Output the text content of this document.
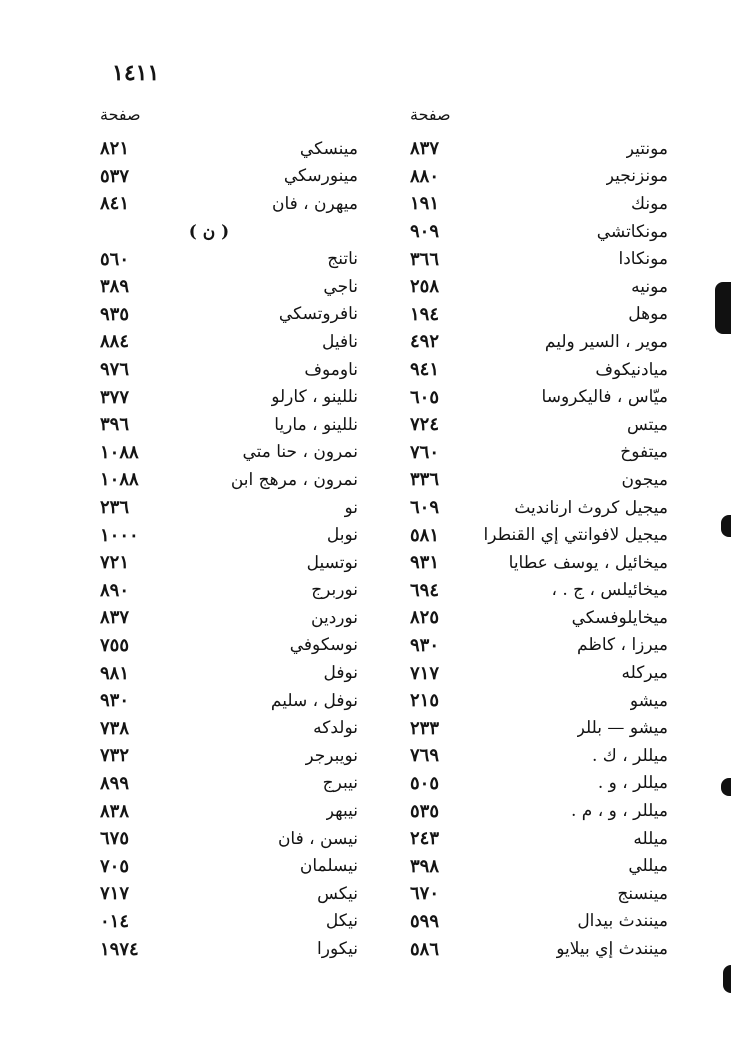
١٤١١
صفحة
مونتير
٨٣٧
مونزنجير
٨٨٠
مونك
١٩١
مونكاتشي
٩٠٩
مونكادا
٣٦٦
مونيه
٢٥٨
موهل
١٩٤
موير ، السير وليم
٤٩٢
ميادنيكوف
٩٤١
ميّاس ، فاليكروسا
٦٠٥
ميتس
٧٢٤
ميتفوخ
٧٦٠
ميجون
٣٣٦
ميجيل كروث ارنانديث
٦٠٩
ميجيل لافوانتي إي القنطرا
٥٨١
ميخائيل ، يوسف عطايا
٩٣١
ميخائيلس ، ج . ،
٦٩٤
ميخايلوفسكي
٨٢٥
ميرزا ، كاظم
٩٣٠
ميركله
٧١٧
ميشو
٢١٥
ميشو — بللر
٢٣٣
ميللر ، ك .
٧٦٩
ميللر ، و .
٥٠٥
ميللر ، و ، م .
٥٣٥
ميلله
٢٤٣
ميللي
٣٩٨
مينسنج
٦٧٠
مينندث بيدال
٥٩٩
مينندث إي بيلايو
٥٨٦
صفحة
مينسكي
٨٢١
مينورسكي
٥٣٧
ميهرن ، فان
٨٤١
( ن )
ناتنج
٥٦٠
ناجي
٣٨٩
نافروتسكي
٩٣٥
نافيل
٨٨٤
ناوموف
٩٧٦
نللينو ، كارلو
٣٧٧
نللينو ، ماريا
٣٩٦
نمرون ، حنا متي
١٠٨٨
نمرون ، مرهج ابن
١٠٨٨
نو
٢٣٦
نوبل
١٠٠٠
نوتسيل
٧٢١
نوربرج
٨٩٠
نوردين
٨٣٧
نوسكوفي
٧٥٥
نوفل
٩٨١
نوفل ، سليم
٩٣٠
نولدكه
٧٣٨
نويبرجر
٧٣٢
نيبرج
٨٩٩
نيبهر
٨٣٨
نيسن ، فان
٦٧٥
نيسلمان
٧٠٥
نيكس
٧١٧
نيكل
٠١٤
نيكورا
١٩٧٤
